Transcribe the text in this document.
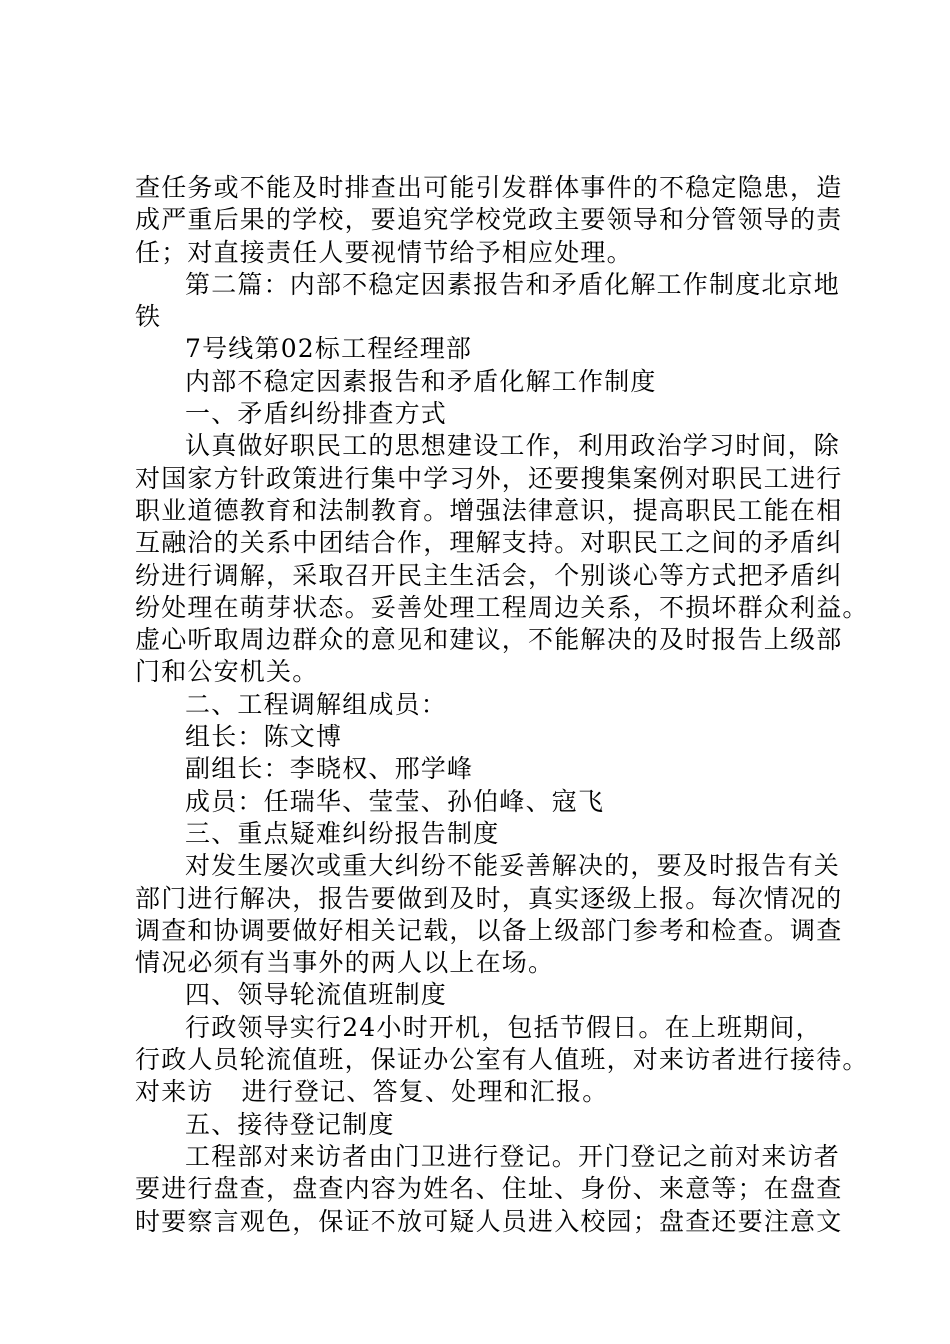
查任务或不能及时排查出可能引发群体事件的不稳定隐患，造
成严重后果的学校，要追究学校党政主要领导和分管领导的责
任；对直接责任人要视情节给予相应处理。
第二篇：内部不稳定因素报告和矛盾化解工作制度北京地
铁
7号线第02标工程经理部
内部不稳定因素报告和矛盾化解工作制度
一、矛盾纠纷排查方式
认真做好职民工的思想建设工作，利用政治学习时间，除
对国家方针政策进行集中学习外，还要搜集案例对职民工进行
职业道德教育和法制教育。增强法律意识，提高职民工能在相
互融洽的关系中团结合作，理解支持。对职民工之间的矛盾纠
纷进行调解，采取召开民主生活会，个别谈心等方式把矛盾纠
纷处理在萌芽状态。妥善处理工程周边关系，不损坏群众利益。
虚心听取周边群众的意见和建议，不能解决的及时报告上级部
门和公安机关。
二、工程调解组成员：
组长：陈文博
副组长：李晓权、邢学峰
成员：任瑞华、莹莹、孙伯峰、寇飞
三、重点疑难纠纷报告制度
对发生屡次或重大纠纷不能妥善解决的，要及时报告有关
部门进行解决，报告要做到及时，真实逐级上报。每次情况的
调查和协调要做好相关记载，以备上级部门参考和检查。调查
情况必须有当事外的两人以上在场。
四、领导轮流值班制度
行政领导实行24小时开机，包括节假日。在上班期间，
行政人员轮流值班，保证办公室有人值班，对来访者进行接待。
对来访 进行登记、答复、处理和汇报。
五、接待登记制度
工程部对来访者由门卫进行登记。开门登记之前对来访者
要进行盘查，盘查内容为姓名、住址、身份、来意等；在盘查
时要察言观色，保证不放可疑人员进入校园；盘查还要注意文
